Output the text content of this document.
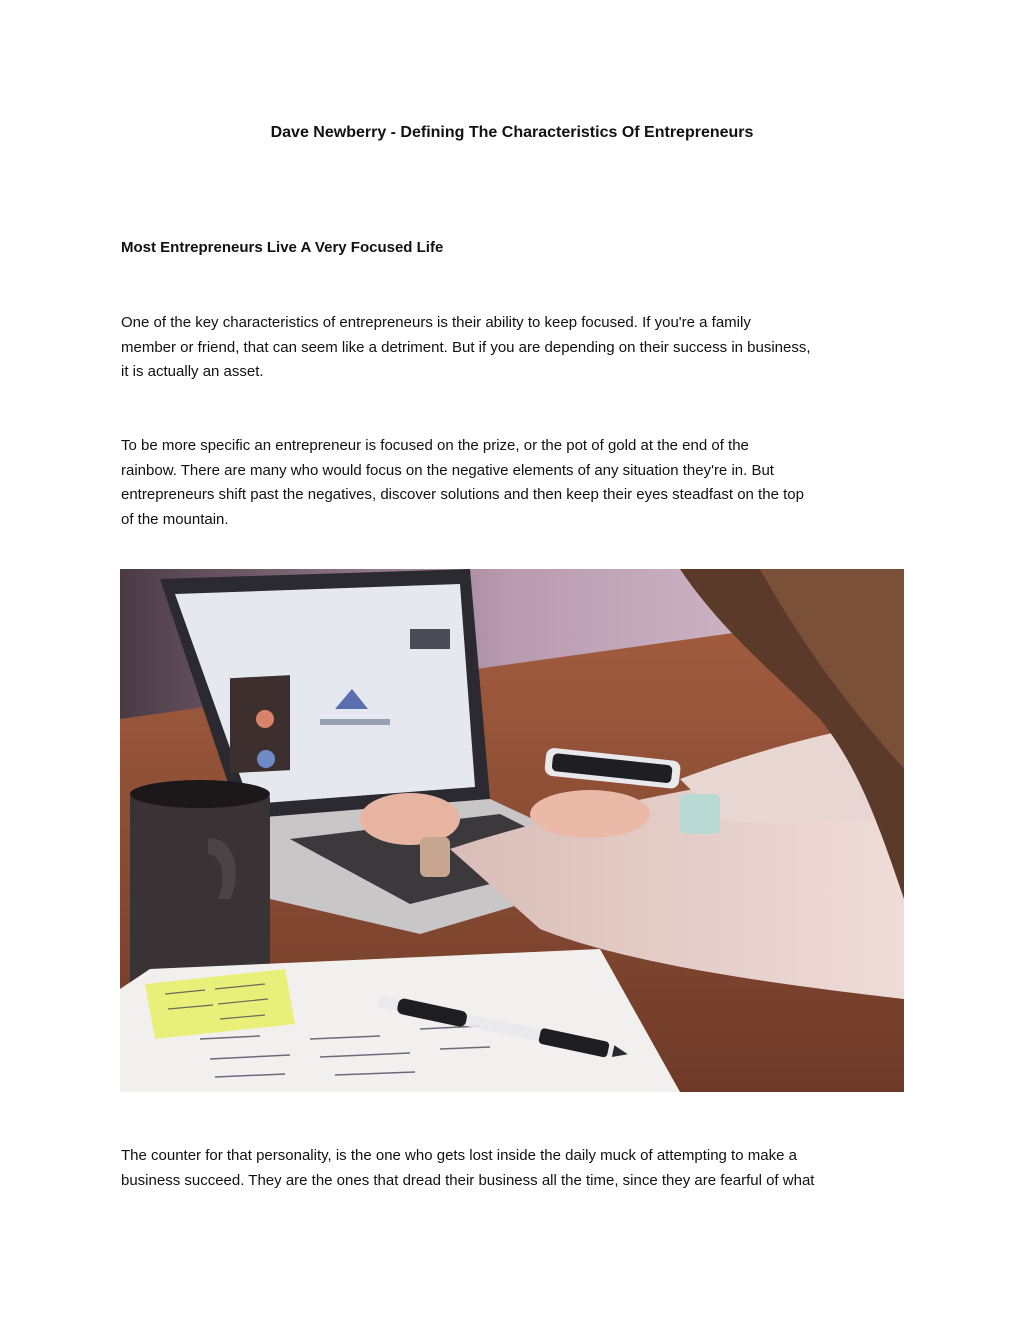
Dave Newberry - Defining The Characteristics Of Entrepreneurs
Most Entrepreneurs Live A Very Focused Life

One of the key characteristics of entrepreneurs is their ability to keep focused. If you're a family
member or friend, that can seem like a detriment. But if you are depending on their success in business,
it is actually an asset.

To be more specific an entrepreneur is focused on the prize, or the pot of gold at the end of the
rainbow. There are many who would focus on the negative elements of any situation they're in. But
entrepreneurs shift past the negatives, discover solutions and then keep their eyes steadfast on the top
of the mountain.

The counter for that personality, is the one who gets lost inside the daily muck of attempting to make a
business succeed. They are the ones that dread their business all the time, since they are fearful of what
